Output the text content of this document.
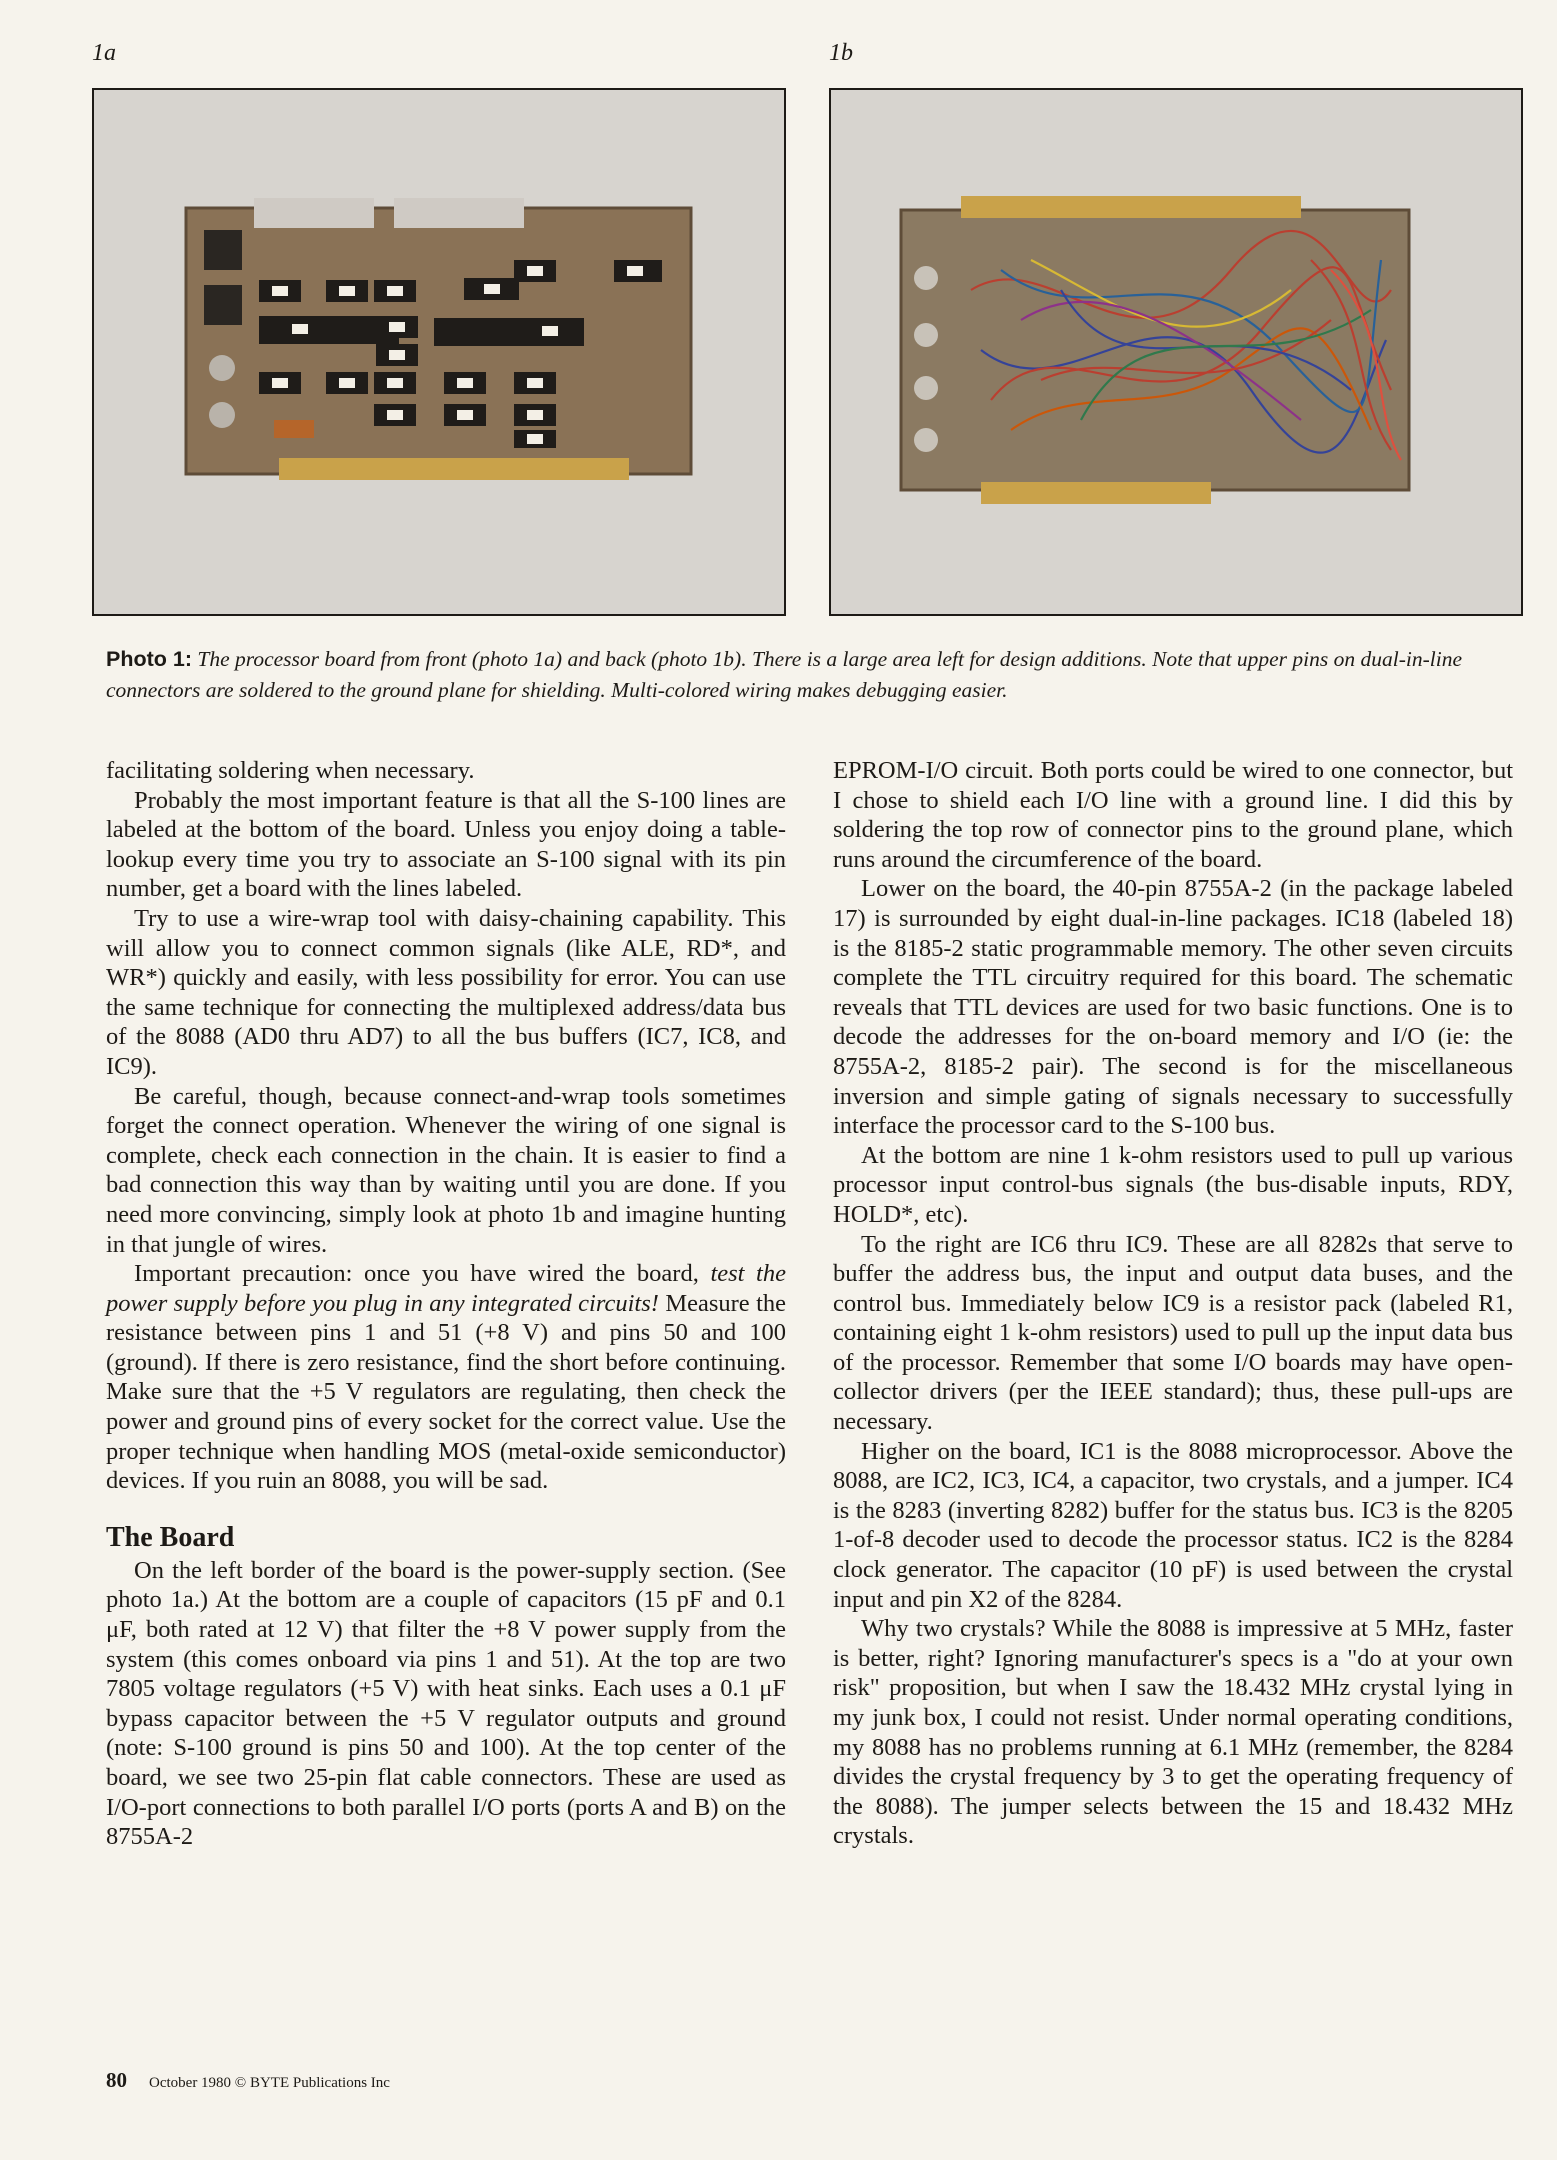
1a	1b
Photo 1: The processor board from front (photo 1a) and back (photo 1b). There is a large area left for design additions. Note that upper pins on dual-in-line connectors are soldered to the ground plane for shielding. Multi-colored wiring makes debugging easier.

facilitating soldering when necessary.

Probably the most important feature is that all the S-100 lines are labeled at the bottom of the board. Unless you enjoy doing a table-lookup every time you try to associate an S-100 signal with its pin number, get a board with the lines labeled.

Try to use a wire-wrap tool with daisy-chaining capability. This will allow you to connect common signals (like ALE, RD*, and WR*) quickly and easily, with less possibility for error. You can use the same technique for connecting the multiplexed address/data bus of the 8088 (AD0 thru AD7) to all the bus buffers (IC7, IC8, and IC9).

Be careful, though, because connect-and-wrap tools sometimes forget the connect operation. Whenever the wiring of one signal is complete, check each connection in the chain. It is easier to find a bad connection this way than by waiting until you are done. If you need more convincing, simply look at photo 1b and imagine hunting in that jungle of wires.

Important precaution: once you have wired the board, test the power supply before you plug in any integrated circuits! Measure the resistance between pins 1 and 51 (+8 V) and pins 50 and 100 (ground). If there is zero resistance, find the short before continuing. Make sure that the +5 V regulators are regulating, then check the power and ground pins of every socket for the correct value. Use the proper technique when handling MOS (metal-oxide semiconductor) devices. If you ruin an 8088, you will be sad.

The Board

On the left border of the board is the power-supply section. (See photo 1a.) At the bottom are a couple of capacitors (15 pF and 0.1 μF, both rated at 12 V) that filter the +8 V power supply from the system (this comes onboard via pins 1 and 51). At the top are two 7805 voltage regulators (+5 V) with heat sinks. Each uses a 0.1 μF bypass capacitor between the +5 V regulator outputs and ground (note: S-100 ground is pins 50 and 100). At the top center of the board, we see two 25-pin flat cable connectors. These are used as I/O-port connections to both parallel I/O ports (ports A and B) on the 8755A-2

EPROM-I/O circuit. Both ports could be wired to one connector, but I chose to shield each I/O line with a ground line. I did this by soldering the top row of connector pins to the ground plane, which runs around the circumference of the board.

Lower on the board, the 40-pin 8755A-2 (in the package labeled 17) is surrounded by eight dual-in-line packages. IC18 (labeled 18) is the 8185-2 static programmable memory. The other seven circuits complete the TTL circuitry required for this board. The schematic reveals that TTL devices are used for two basic functions. One is to decode the addresses for the on-board memory and I/O (ie: the 8755A-2, 8185-2 pair). The second is for the miscellaneous inversion and simple gating of signals necessary to successfully interface the processor card to the S-100 bus.

At the bottom are nine 1 k-ohm resistors used to pull up various processor input control-bus signals (the bus-disable inputs, RDY, HOLD*, etc).

To the right are IC6 thru IC9. These are all 8282s that serve to buffer the address bus, the input and output data buses, and the control bus. Immediately below IC9 is a resistor pack (labeled R1, containing eight 1 k-ohm resistors) used to pull up the input data bus of the processor. Remember that some I/O boards may have open-collector drivers (per the IEEE standard); thus, these pull-ups are necessary.

Higher on the board, IC1 is the 8088 microprocessor. Above the 8088, are IC2, IC3, IC4, a capacitor, two crystals, and a jumper. IC4 is the 8283 (inverting 8282) buffer for the status bus. IC3 is the 8205 1-of-8 decoder used to decode the processor status. IC2 is the 8284 clock generator. The capacitor (10 pF) is used between the crystal input and pin X2 of the 8284.

Why two crystals? While the 8088 is impressive at 5 MHz, faster is better, right? Ignoring manufacturer's specs is a "do at your own risk" proposition, but when I saw the 18.432 MHz crystal lying in my junk box, I could not resist. Under normal operating conditions, my 8088 has no problems running at 6.1 MHz (remember, the 8284 divides the crystal frequency by 3 to get the operating frequency of the 8088). The jumper selects between the 15 and 18.432 MHz crystals.

80 October 1980 © BYTE Publications Inc
